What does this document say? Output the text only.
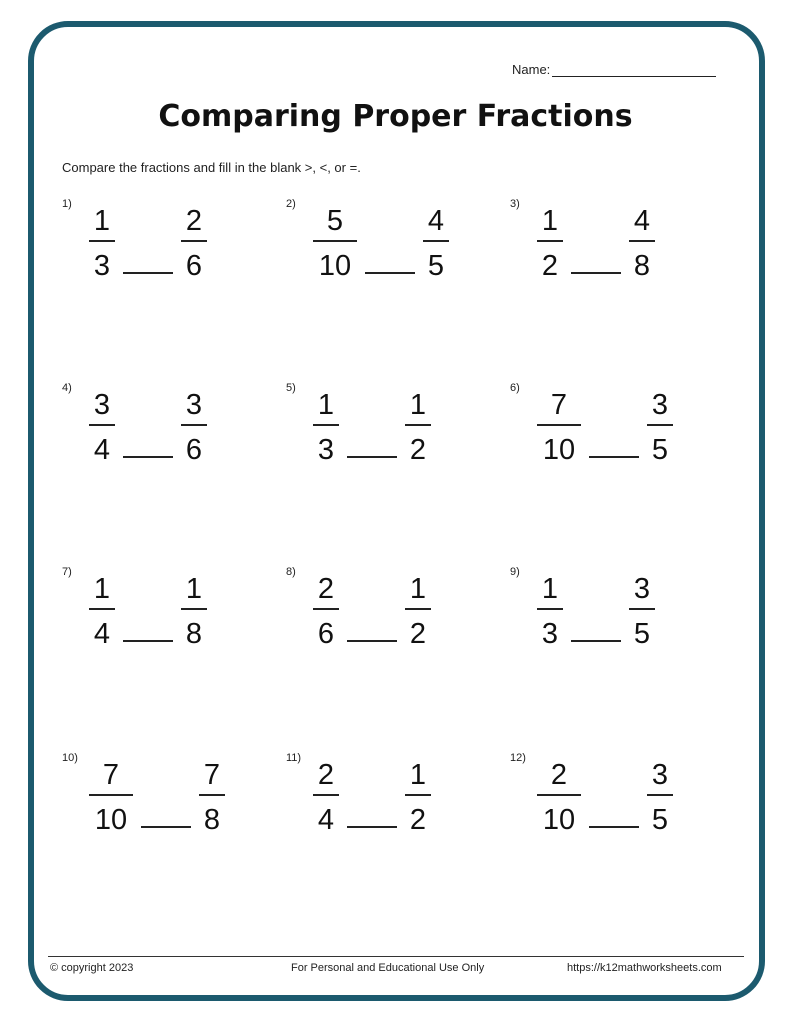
Name:
Comparing Proper Fractions
Compare the fractions and fill in the blank >, <, or =.
1)
1
3
2
6
2)
5
10
4
5
3)
1
2
4
8
4)
3
4
3
6
5)
1
3
1
2
6)
7
10
3
5
7)
1
4
1
8
8)
2
6
1
2
9)
1
3
3
5
10)
7
10
7
8
11)
2
4
1
2
12)
2
10
3
5
© copyright 2023	For Personal and Educational Use Only	https://k12mathworksheets.com
